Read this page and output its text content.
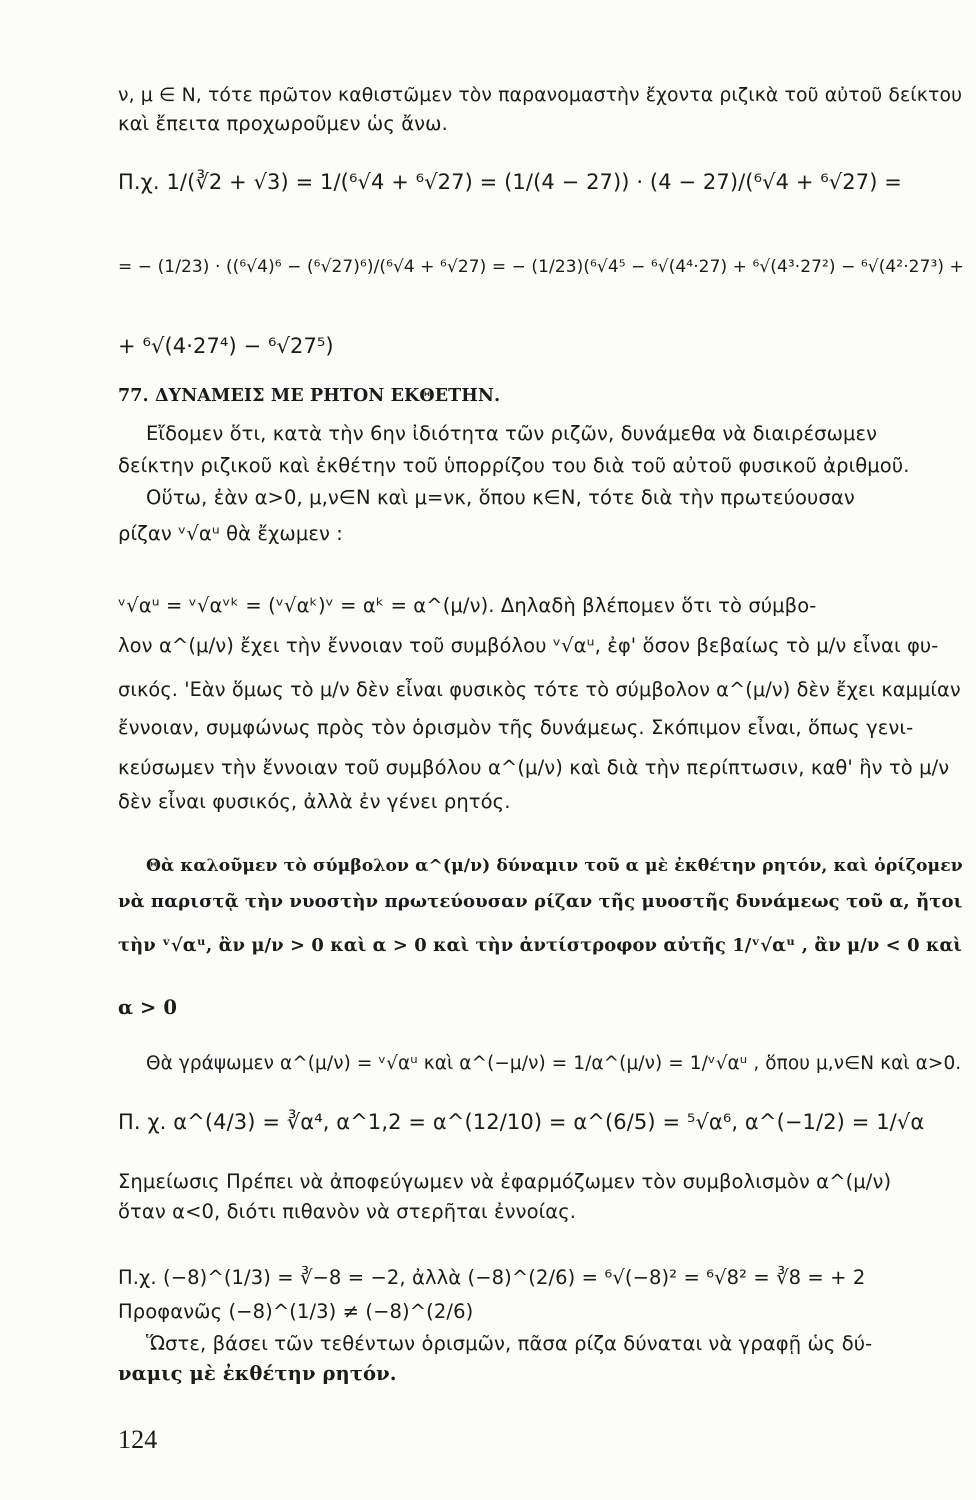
ν, μ ∈ Ν, τότε πρῶτον καθιστῶμεν τὸν παρανομαστὴν ἔχοντα ριζικὰ τοῦ αὐτοῦ δείκτου
καὶ ἔπειτα προχωροῦμεν ὡς ἄνω.
Π.χ. 1/(∛2 + √3) = 1/(⁶√4 + ⁶√27) = (1/(4 − 27)) · (4 − 27)/(⁶√4 + ⁶√27) =
= − (1/23) · ((⁶√4)⁶ − (⁶√27)⁶)/(⁶√4 + ⁶√27) = − (1/23)(⁶√4⁵ − ⁶√(4⁴·27) + ⁶√(4³·27²) − ⁶√(4²·27³) +
+ ⁶√(4·27⁴) − ⁶√27⁵)
77. ΔΥΝΑΜΕΙΣ ΜΕ ΡΗΤΟΝ ΕΚΘΕΤΗΝ.
Εἴδομεν ὅτι, κατὰ τὴν 6ην ἰδιότητα τῶν ριζῶν, δυνάμεθα νὰ διαιρέσωμεν
δείκτην ριζικοῦ καὶ ἐκθέτην τοῦ ὑπορρίζου του διὰ τοῦ αὐτοῦ φυσικοῦ ἀριθμοῦ.
Οὕτω, ἐὰν α>0, μ,ν∈Ν καὶ μ=νκ, ὅπου κ∈Ν, τότε διὰ τὴν πρωτεύουσαν
ρίζαν ᵛ√αᵘ θὰ ἔχωμεν :
ᵛ√αᵘ = ᵛ√αᵛᵏ = (ᵛ√αᵏ)ᵛ = αᵏ = α^(μ/ν). Δηλαδὴ βλέπομεν ὅτι τὸ σύμβο-
λον α^(μ/ν) ἔχει τὴν ἔννοιαν τοῦ συμβόλου ᵛ√αᵘ, ἐφ' ὅσον βεβαίως τὸ μ/ν εἶναι φυ-
σικός. 'Εὰν ὅμως τὸ μ/ν δὲν εἶναι φυσικὸς τότε τὸ σύμβολον α^(μ/ν) δὲν ἔχει καμμίαν
ἔννοιαν, συμφώνως πρὸς τὸν ὁρισμὸν τῆς δυνάμεως. Σκόπιμον εἶναι, ὅπως γενι-
κεύσωμεν τὴν ἔννοιαν τοῦ συμβόλου α^(μ/ν) καὶ διὰ τὴν περίπτωσιν, καθ' ἣν τὸ μ/ν
δὲν εἶναι φυσικός, ἀλλὰ ἐν γένει ρητός.
Θὰ καλοῦμεν τὸ σύμβολον α^(μ/ν) δύναμιν τοῦ α μὲ ἐκθέτην ρητόν, καὶ ὁρίζομεν
νὰ παριστᾷ τὴν νυοστὴν πρωτεύουσαν ρίζαν τῆς μυοστῆς δυνάμεως τοῦ α, ἤτοι
τὴν ᵛ√αᵘ, ἂν μ/ν > 0 καὶ α > 0 καὶ τὴν ἀντίστροφον αὐτῆς 1/ᵛ√αᵘ , ἂν μ/ν < 0 καὶ
α > 0
Θὰ γράψωμεν α^(μ/ν) = ᵛ√αᵘ καὶ α^(−μ/ν) = 1/α^(μ/ν) = 1/ᵛ√αᵘ , ὅπου μ,ν∈Ν καὶ α>0.
Π. χ. α^(4/3) = ∛α⁴, α^1,2 = α^(12/10) = α^(6/5) = ⁵√α⁶, α^(−1/2) = 1/√α
Σημείωσις Πρέπει νὰ ἀποφεύγωμεν νὰ ἐφαρμόζωμεν τὸν συμβολισμὸν α^(μ/ν)
ὅταν α<0, διότι πιθανὸν νὰ στερῆται ἐννοίας.
Π.χ. (−8)^(1/3) = ∛−8 = −2, ἀλλὰ (−8)^(2/6) = ⁶√(−8)² = ⁶√8² = ∛8 = + 2
Προφανῶς (−8)^(1/3) ≠ (−8)^(2/6)
Ὥστε, βάσει τῶν τεθέντων ὁρισμῶν, πᾶσα ρίζα δύναται νὰ γραφῇ ὡς δύ-
ναμις μὲ ἐκθέτην ρητόν.
124
